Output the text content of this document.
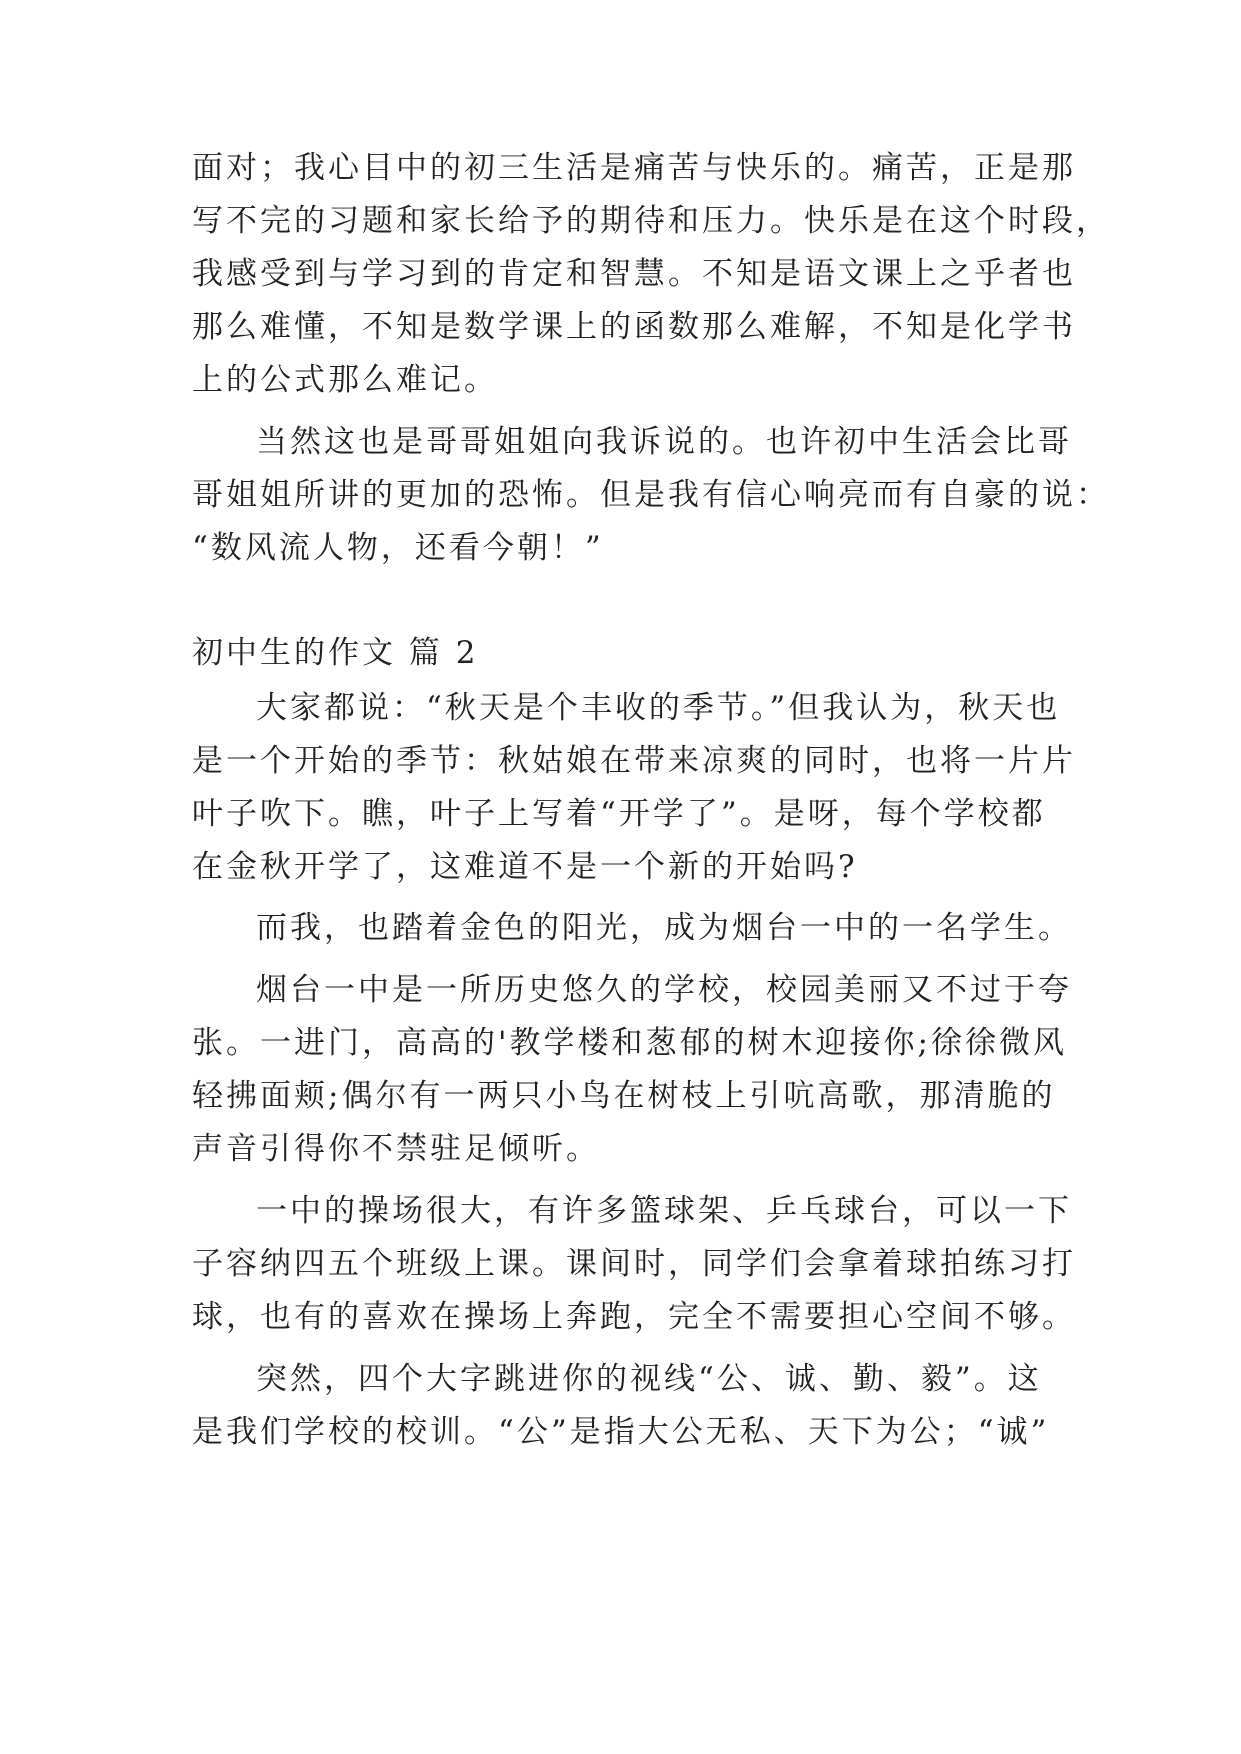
面对；我心目中的初三生活是痛苦与快乐的。痛苦，正是那
写不完的习题和家长给予的期待和压力。快乐是在这个时段，
我感受到与学习到的肯定和智慧。不知是语文课上之乎者也
那么难懂，不知是数学课上的函数那么难解，不知是化学书
上的公式那么难记。
当然这也是哥哥姐姐向我诉说的。也许初中生活会比哥
哥姐姐所讲的更加的恐怖。但是我有信心响亮而有自豪的说：
“数风流人物，还看今朝！”
初中生的作文 篇 2
大家都说：“秋天是个丰收的季节。”但我认为，秋天也
是一个开始的季节：秋姑娘在带来凉爽的同时，也将一片片
叶子吹下。瞧，叶子上写着“开学了”。是呀，每个学校都
在金秋开学了，这难道不是一个新的开始吗?
而我，也踏着金色的阳光，成为烟台一中的一名学生。
烟台一中是一所历史悠久的学校，校园美丽又不过于夸
张。一进门，高高的'教学楼和葱郁的树木迎接你;徐徐微风
轻拂面颊;偶尔有一两只小鸟在树枝上引吭高歌，那清脆的
声音引得你不禁驻足倾听。
一中的操场很大，有许多篮球架、乒乓球台，可以一下
子容纳四五个班级上课。课间时，同学们会拿着球拍练习打
球，也有的喜欢在操场上奔跑，完全不需要担心空间不够。
突然，四个大字跳进你的视线“公、诚、勤、毅”。这
是我们学校的校训。“公”是指大公无私、天下为公；“诚”
